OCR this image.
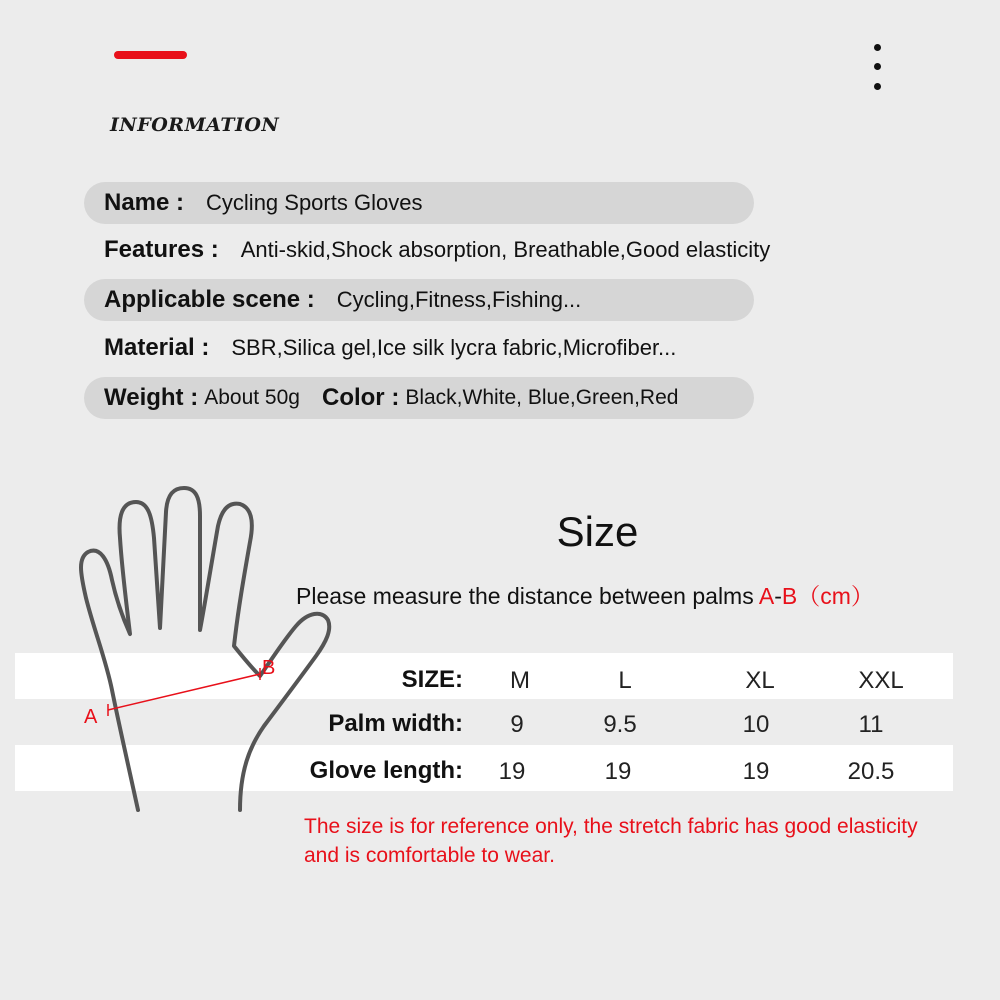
INFORMATION
Name : Cycling Sports Gloves
Features : Anti-skid,Shock absorption, Breathable,Good elasticity
Applicable scene : Cycling,Fitness,Fishing...
Material : SBR,Silica gel,Ice silk lycra fabric,Microfiber...
Weight : About 50g Color : Black,White, Blue,Green,Red
A
B
Size
Please measure the distance between palms A-B（cm）
SIZE:	M	L	XL	XXL
Palm width:	9	9.5	10	11
Glove length:	19	19	19	20.5
The size is for reference only, the stretch fabric has good elasticity and is comfortable to wear.
